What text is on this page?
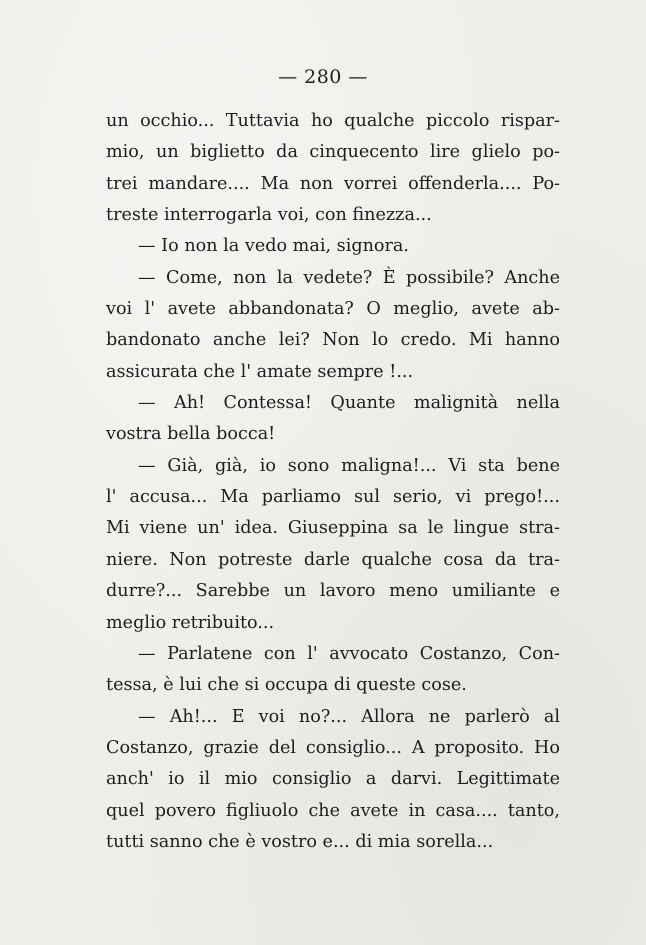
— 280 —
un occhio... Tuttavia ho qualche piccolo rispar-
mio, un biglietto da cinquecento lire glielo po-
trei mandare.... Ma non vorrei offenderla.... Po-
treste interrogarla voi, con finezza...
— Io non la vedo mai, signora.
— Come, non la vedete? È possibile? Anche
voi l' avete abbandonata? O meglio, avete ab-
bandonato anche lei? Non lo credo. Mi hanno
assicurata che l' amate sempre !...
— Ah! Contessa! Quante malignità nella
vostra bella bocca!
— Già, già, io sono maligna!... Vi sta bene
l' accusa... Ma parliamo sul serio, vi prego!...
Mi viene un' idea. Giuseppina sa le lingue stra-
niere. Non potreste darle qualche cosa da tra-
durre?... Sarebbe un lavoro meno umiliante e
meglio retribuito...
— Parlatene con l' avvocato Costanzo, Con-
tessa, è lui che si occupa di queste cose.
— Ah!... E voi no?... Allora ne parlerò al
Costanzo, grazie del consiglio... A proposito. Ho
anch' io il mio consiglio a darvi. Legittimate
quel povero figliuolo che avete in casa.... tanto,
tutti sanno che è vostro e... di mia sorella...
